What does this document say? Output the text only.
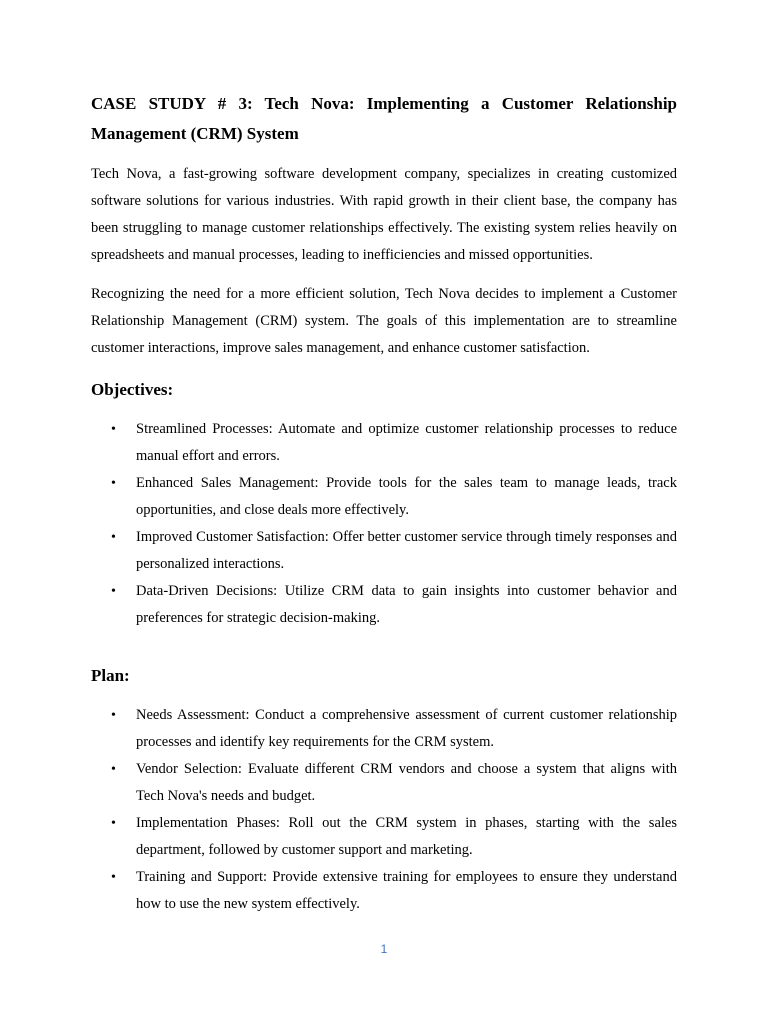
CASE STUDY # 3: Tech Nova: Implementing a Customer Relationship Management (CRM) System

Tech Nova, a fast-growing software development company, specializes in creating customized software solutions for various industries. With rapid growth in their client base, the company has been struggling to manage customer relationships effectively. The existing system relies heavily on spreadsheets and manual processes, leading to inefficiencies and missed opportunities.

Recognizing the need for a more efficient solution, Tech Nova decides to implement a Customer Relationship Management (CRM) system. The goals of this implementation are to streamline customer interactions, improve sales management, and enhance customer satisfaction.

Objectives:
• Streamlined Processes: Automate and optimize customer relationship processes to reduce manual effort and errors.
• Enhanced Sales Management: Provide tools for the sales team to manage leads, track opportunities, and close deals more effectively.
• Improved Customer Satisfaction: Offer better customer service through timely responses and personalized interactions.
• Data-Driven Decisions: Utilize CRM data to gain insights into customer behavior and preferences for strategic decision-making.
Plan:
• Needs Assessment: Conduct a comprehensive assessment of current customer relationship processes and identify key requirements for the CRM system.
• Vendor Selection: Evaluate different CRM vendors and choose a system that aligns with Tech Nova's needs and budget.
• Implementation Phases: Roll out the CRM system in phases, starting with the sales department, followed by customer support and marketing.
• Training and Support: Provide extensive training for employees to ensure they understand how to use the new system effectively.
1
